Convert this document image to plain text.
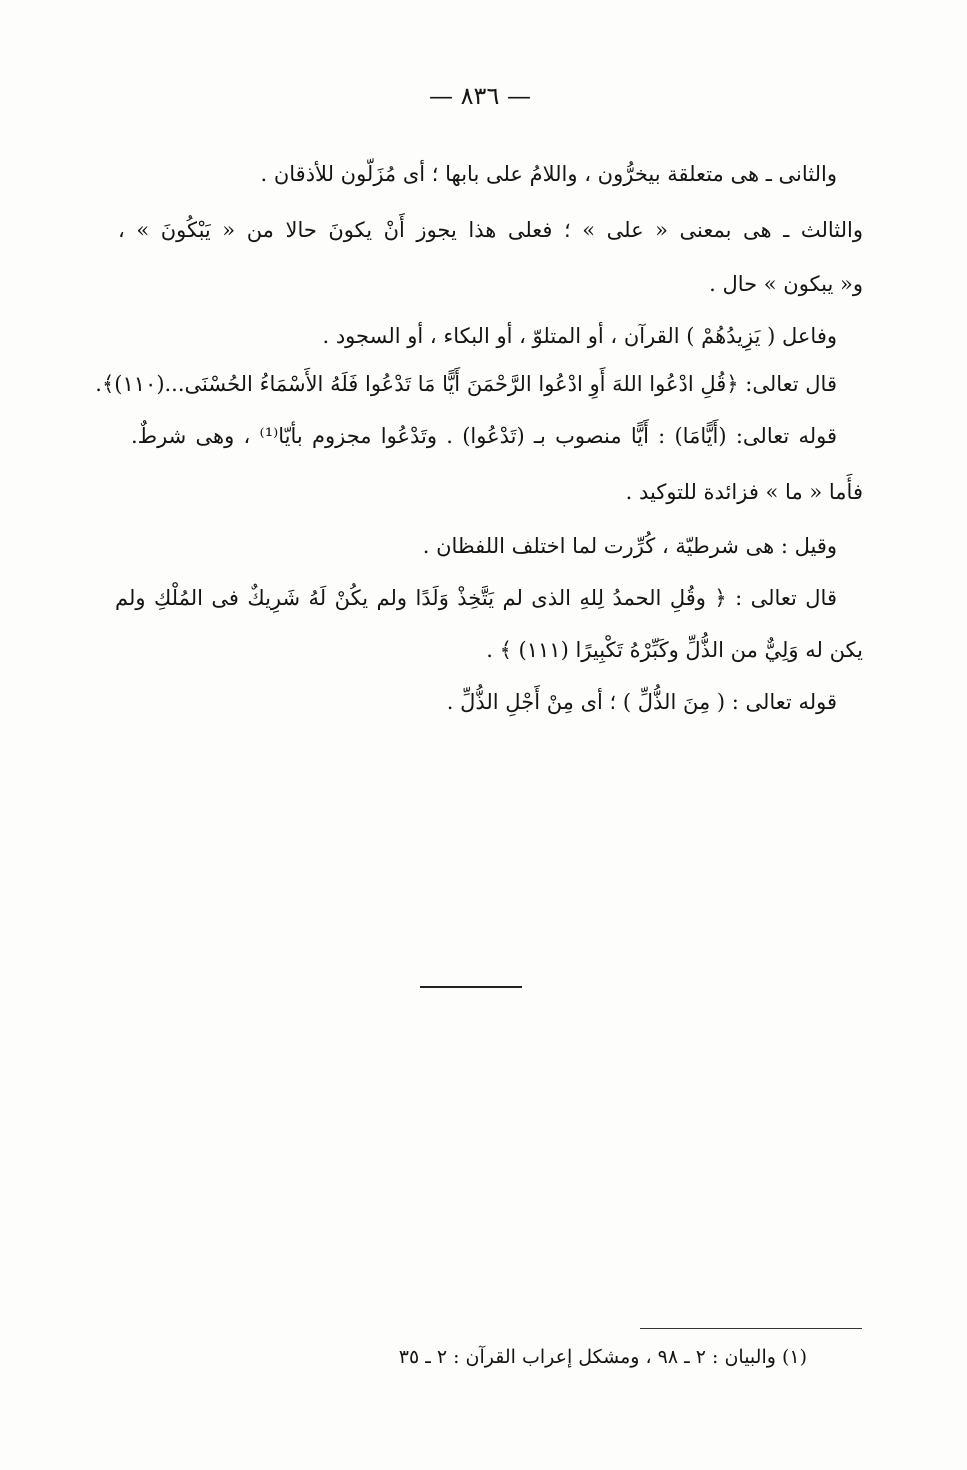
— ٨٣٦ —
والثانى ـ هى متعلقة بيخرُّون ، واللامُ على بابها ؛ أى مُزَلّون للأذقان .
والثالث ـ هى بمعنى « على » ؛ فعلى هذا يجوز أَنْ يكونَ حالا من « يَبْكُونَ » ،
و« يبكون » حال .
وفاعل ( يَزِيدُهُمْ ) القرآن ، أو المتلوّ ، أو البكاء ، أو السجود .
قال تعالى: ﴿قُلِ ادْعُوا اللهَ أَوِ ادْعُوا الرَّحْمَنَ أَيًّا مَا تَدْعُوا فَلَهُ الأَسْمَاءُ الحُسْنَى...(١١٠)﴾.
قوله تعالى: (أَيًّامَا) : أَيًّا منصوب بـ (تَدْعُوا) . وتَدْعُوا مجزوم بأيّا⁽¹⁾ ، وهى شرطٌ.
فأَما « ما » فزائدة للتوكيد .
وقيل : هى شرطيّة ، كُرِّرت لما اختلف اللفظان .
قال تعالى : ﴿ وقُلِ الحمدُ لِلهِ الذى لم يَتَّخِذْ وَلَدًا ولم يكُنْ لَهُ شَرِيكٌ فى المُلْكِ ولم
يكن له وَلِيٌّ من الذُّلِّ وكَبِّرْهُ تَكْبِيرًا (١١١) ﴾ .
قوله تعالى : ( مِنَ الذُّلِّ ) ؛ أى مِنْ أَجْلِ الذُّلِّ .
(١) والبيان : ٢ ـ ٩٨ ، ومشكل إعراب القرآن : ٢ ـ ٣٥
